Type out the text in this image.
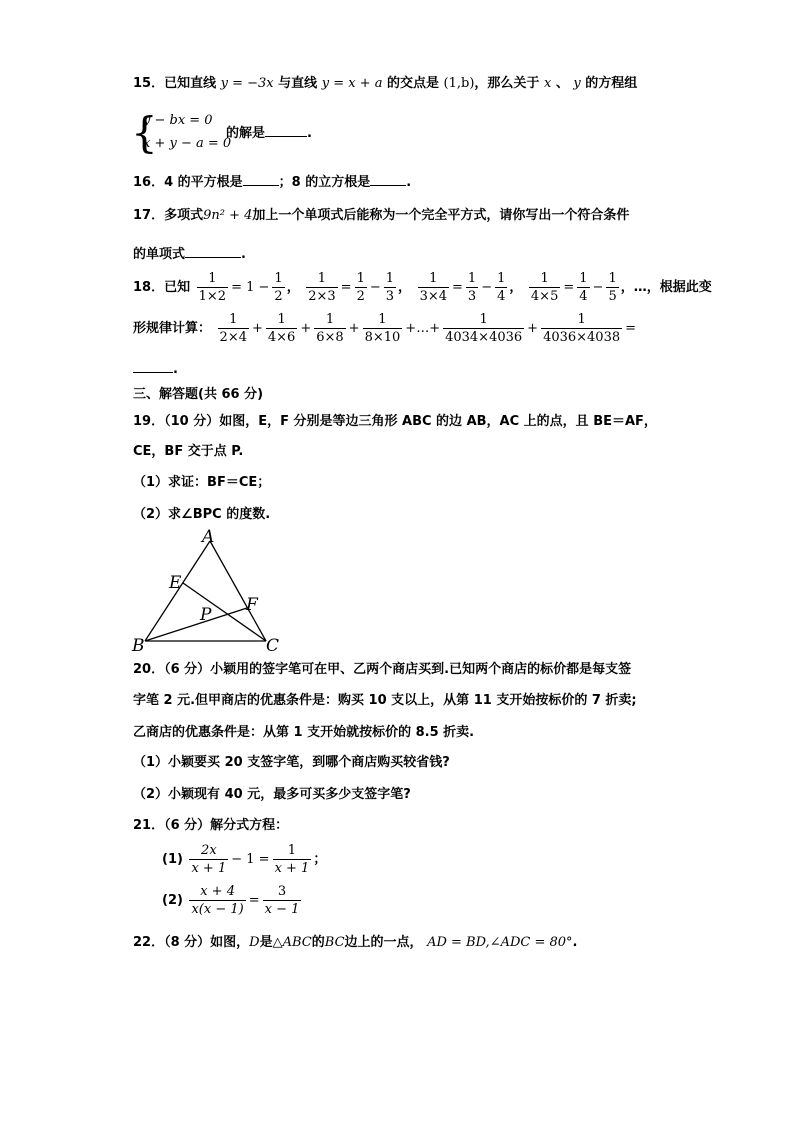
15．已知直线 y = −3x 与直线 y = x + a 的交点是 (1,b)，那么关于 x 、 y 的方程组
{
y − bx = 0
x + y − a = 0
的解是	.
16．4 的平方根是	；8 的立方根是	.
17．多项式9n² + 4加上一个单项式后能称为一个完全平方式，请你写出一个符合条件
的单项式	.
18．已知 $\frac{1}{1\times 2} = 1 - \frac{1}{2}$ ， $\frac{1}{2\times 3} = \frac{1}{2} - \frac{1}{3}$ ， $\frac{1}{3\times 4} = \frac{1}{3} - \frac{1}{4}$ ， $\frac{1}{4\times 5} = \frac{1}{4} - \frac{1}{5}$ ，…，根据此变
形规律计算： $\frac{1}{2\times 4} + \frac{1}{4\times 6} + \frac{1}{6\times 8} + \frac{1}{8\times 10}$ +…+ $\frac{1}{4034\times 4036} + \frac{1}{4036\times 4038}$ =
.
三、解答题(共 66 分)
19．（10 分）如图，E，F 分别是等边三角形 ABC 的边 AB，AC 上的点，且 BE＝AF，
CE，BF 交于点 P.
（1）求证：BF＝CE；
（2）求∠BPC 的度数.
A
E
F
P
B	C
20．（6 分）小颖用的签字笔可在甲、乙两个商店买到.已知两个商店的标价都是每支签
字笔 2 元.但甲商店的优惠条件是：购买 10 支以上，从第 11 支开始按标价的 7 折卖;
乙商店的优惠条件是：从第 1 支开始就按标价的 8.5 折卖.
（1）小颖要买 20 支签字笔，到哪个商店购买较省钱?
（2）小颖现有 40 元，最多可买多少支签字笔?
21．（6 分）解分式方程：
$(1) \frac{2x}{x + 1} - 1 = \frac{1}{x + 1}$ ；
$(2) \frac{x + 4}{x(x - 1)} = \frac{3}{x - 1}$
22．（8 分）如图，D是△ABC的BC边上的一点， AD = BD,∠ADC = 80°.
